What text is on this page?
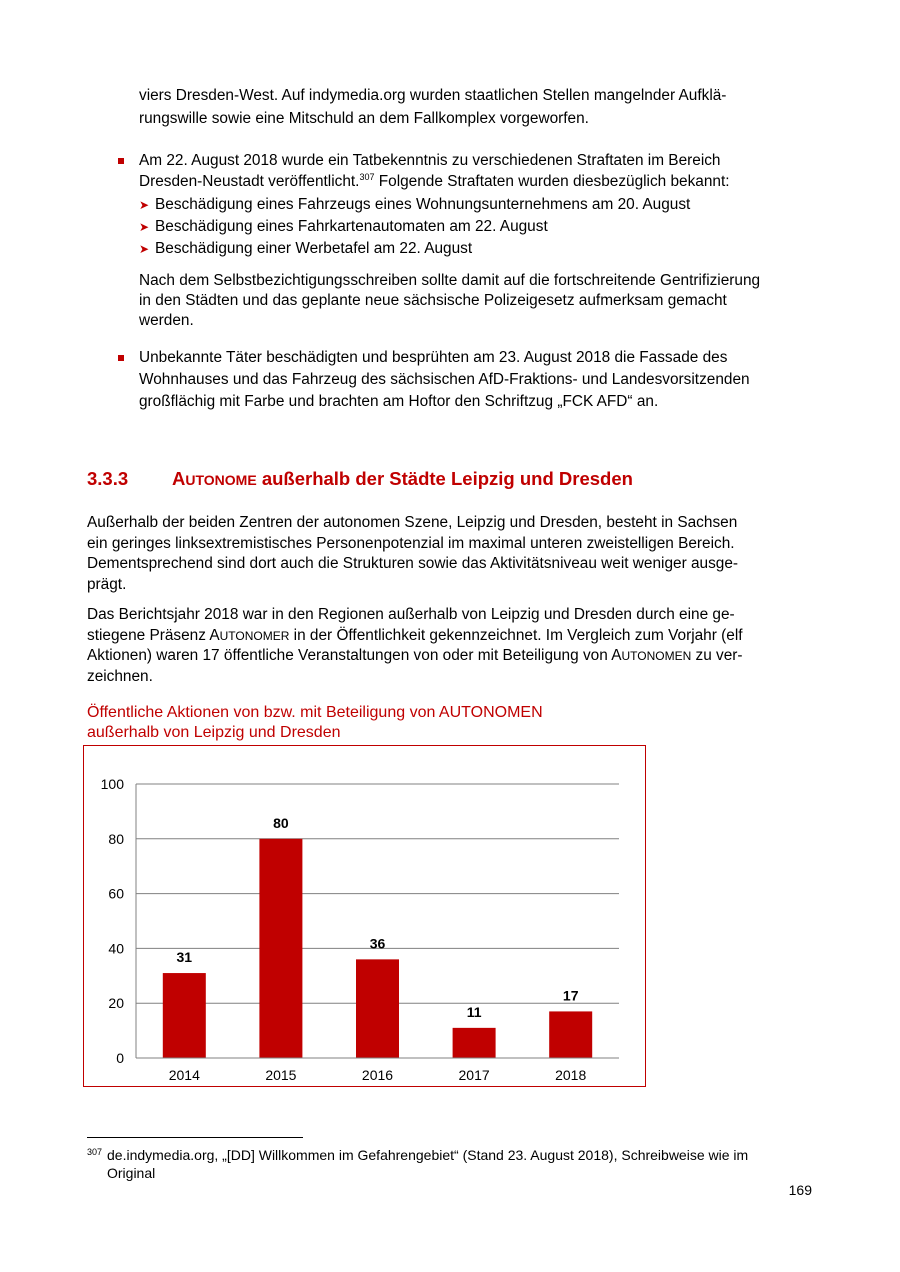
viers Dresden-West. Auf indymedia.org wurden staatlichen Stellen mangelnder Aufklä-
rungswille sowie eine Mitschuld an dem Fallkomplex vorgeworfen.

Am 22. August 2018 wurde ein Tatbekenntnis zu verschiedenen Straftaten im Bereich
Dresden-Neustadt veröffentlicht.$^{307}$ Folgende Straftaten wurden diesbezüglich bekannt:

➤ Beschädigung eines Fahrzeugs eines Wohnungsunternehmens am 20. August
➤ Beschädigung eines Fahrkartenautomaten am 22. August
➤ Beschädigung einer Werbetafel am 22. August

Nach dem Selbstbezichtigungsschreiben sollte damit auf die fortschreitende Gentrifizierung
in den Städten und das geplante neue sächsische Polizeigesetz aufmerksam gemacht
werden.

Unbekannte Täter beschädigten und besprühten am 23. August 2018 die Fassade des
Wohnhauses und das Fahrzeug des sächsischen AfD-Fraktions- und Landesvorsitzenden
großflächig mit Farbe und brachten am Hoftor den Schriftzug „FCK AFD“ an.

3.3.3 AUTONOME außerhalb der Städte Leipzig und Dresden

Außerhalb der beiden Zentren der autonomen Szene, Leipzig und Dresden, besteht in Sachsen
ein geringes linksextremistisches Personenpotenzial im maximal unteren zweistelligen Bereich.
Dementsprechend sind dort auch die Strukturen sowie das Aktivitätsniveau weit weniger ausge-
prägt.

Das Berichtsjahr 2018 war in den Regionen außerhalb von Leipzig und Dresden durch eine ge-
stiegene Präsenz AUTONOMER in der Öffentlichkeit gekennzeichnet. Im Vergleich zum Vorjahr (elf
Aktionen) waren 17 öffentliche Veranstaltungen von oder mit Beteiligung von AUTONOMEN zu ver-
zeichnen.

Öffentliche Aktionen von bzw. mit Beteiligung von AUTONOMEN
außerhalb von Leipzig und Dresden
0
20
40
60
80
100
31
2014
80
2015
36
2016
11
2017
17
2018
307 de.indymedia.org, „[DD] Willkommen im Gefahrengebiet“ (Stand 23. August 2018), Schreibweise wie im
Original
169
